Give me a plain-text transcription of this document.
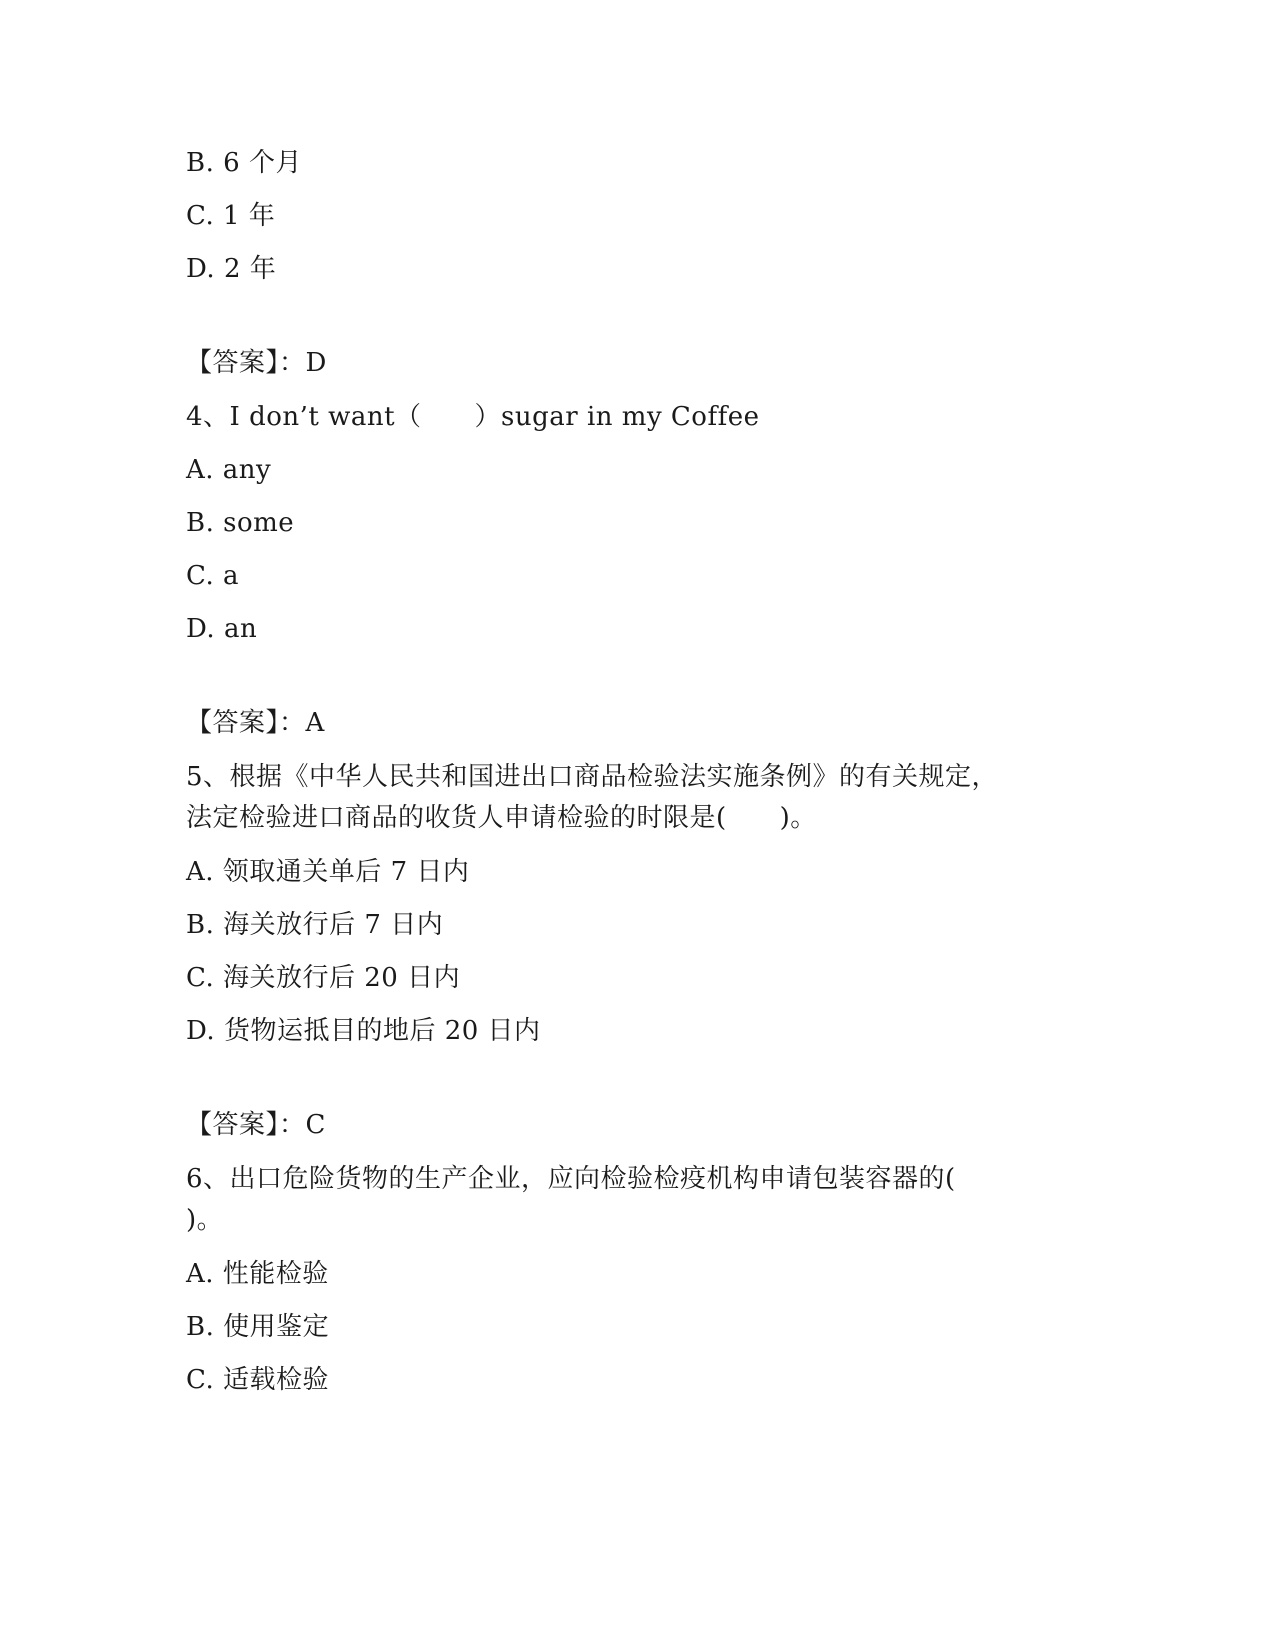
B. 6 个月
C. 1 年
D. 2 年
【答案】：D
4、I don’t want（　　）sugar in my Coffee
A. any
B. some
C. a
D. an
【答案】：A
5、根据《中华人民共和国进出口商品检验法实施条例》的有关规定，
法定检验进口商品的收货人申请检验的时限是(　　)。
A. 领取通关单后 7 日内
B. 海关放行后 7 日内
C. 海关放行后 20 日内
D. 货物运抵目的地后 20 日内
【答案】：C
6、出口危险货物的生产企业，应向检验检疫机构申请包装容器的(
)。
A. 性能检验
B. 使用鉴定
C. 适载检验
